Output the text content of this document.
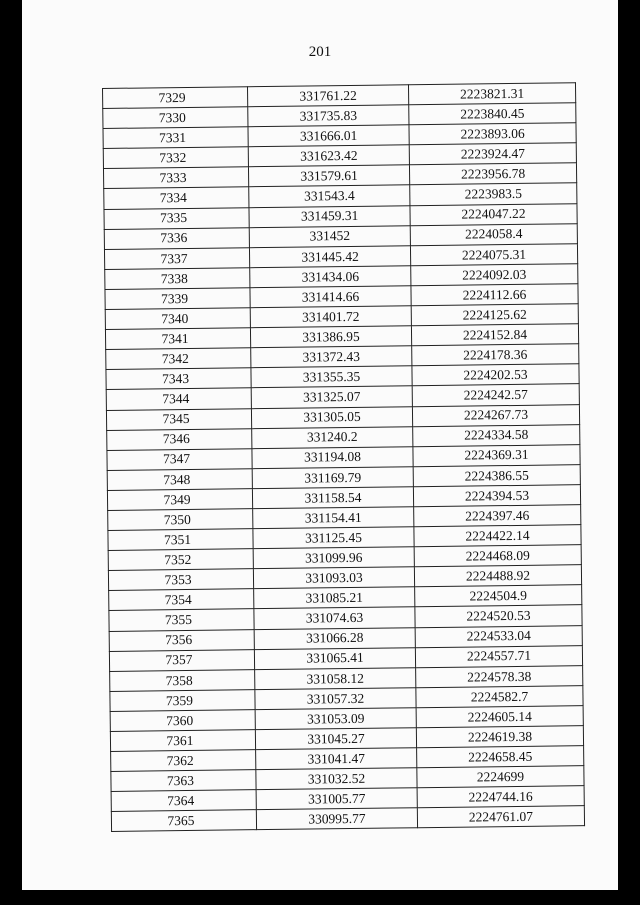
201
7329	331761.22	2223821.31
7330	331735.83	2223840.45
7331	331666.01	2223893.06
7332	331623.42	2223924.47
7333	331579.61	2223956.78
7334	331543.4	2223983.5
7335	331459.31	2224047.22
7336	331452	2224058.4
7337	331445.42	2224075.31
7338	331434.06	2224092.03
7339	331414.66	2224112.66
7340	331401.72	2224125.62
7341	331386.95	2224152.84
7342	331372.43	2224178.36
7343	331355.35	2224202.53
7344	331325.07	2224242.57
7345	331305.05	2224267.73
7346	331240.2	2224334.58
7347	331194.08	2224369.31
7348	331169.79	2224386.55
7349	331158.54	2224394.53
7350	331154.41	2224397.46
7351	331125.45	2224422.14
7352	331099.96	2224468.09
7353	331093.03	2224488.92
7354	331085.21	2224504.9
7355	331074.63	2224520.53
7356	331066.28	2224533.04
7357	331065.41	2224557.71
7358	331058.12	2224578.38
7359	331057.32	2224582.7
7360	331053.09	2224605.14
7361	331045.27	2224619.38
7362	331041.47	2224658.45
7363	331032.52	2224699
7364	331005.77	2224744.16
7365	330995.77	2224761.07
